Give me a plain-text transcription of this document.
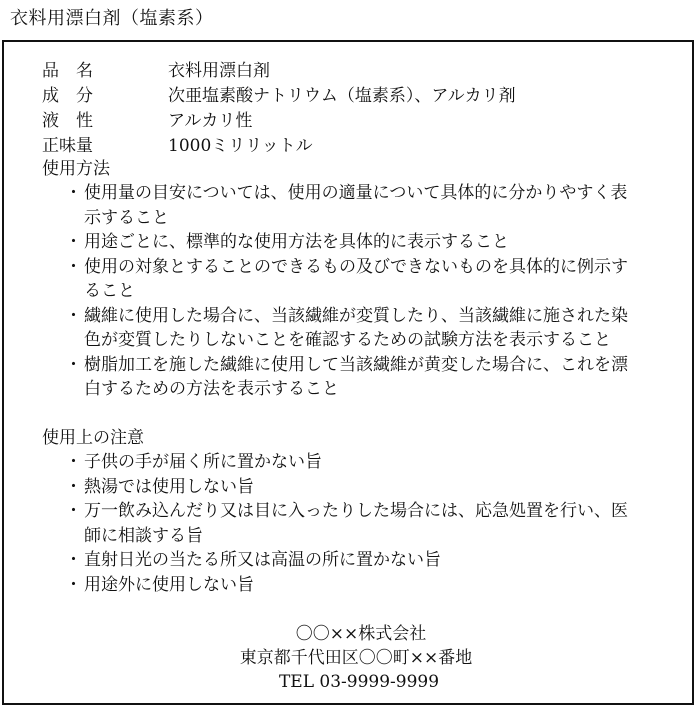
衣料用漂白剤（塩素系）
品　名	衣料用漂白剤
成　分	次亜塩素酸ナトリウム（塩素系）、アルカリ剤
液　性	アルカリ性
正味量	1000ミリリットル
使用方法
・ 使用量の目安については、使用の適量について具体的に分かりやすく表示すること
・ 用途ごとに、標準的な使用方法を具体的に表示すること
・ 使用の対象とすることのできるもの及びできないものを具体的に例示すること
・ 繊維に使用した場合に、当該繊維が変質したり、当該繊維に施された染色が変質したりしないことを確認するための試験方法を表示すること
・ 樹脂加工を施した繊維に使用して当該繊維が黄変した場合に、これを漂白するための方法を表示すること
使用上の注意
・ 子供の手が届く所に置かない旨
・ 熱湯では使用しない旨
・ 万一飲み込んだり又は目に入ったりした場合には、応急処置を行い、医師に相談する旨
・ 直射日光の当たる所又は高温の所に置かない旨
・ 用途外に使用しない旨
〇〇××株式会社
東京都千代田区〇〇町××番地
TEL 03-9999-9999
